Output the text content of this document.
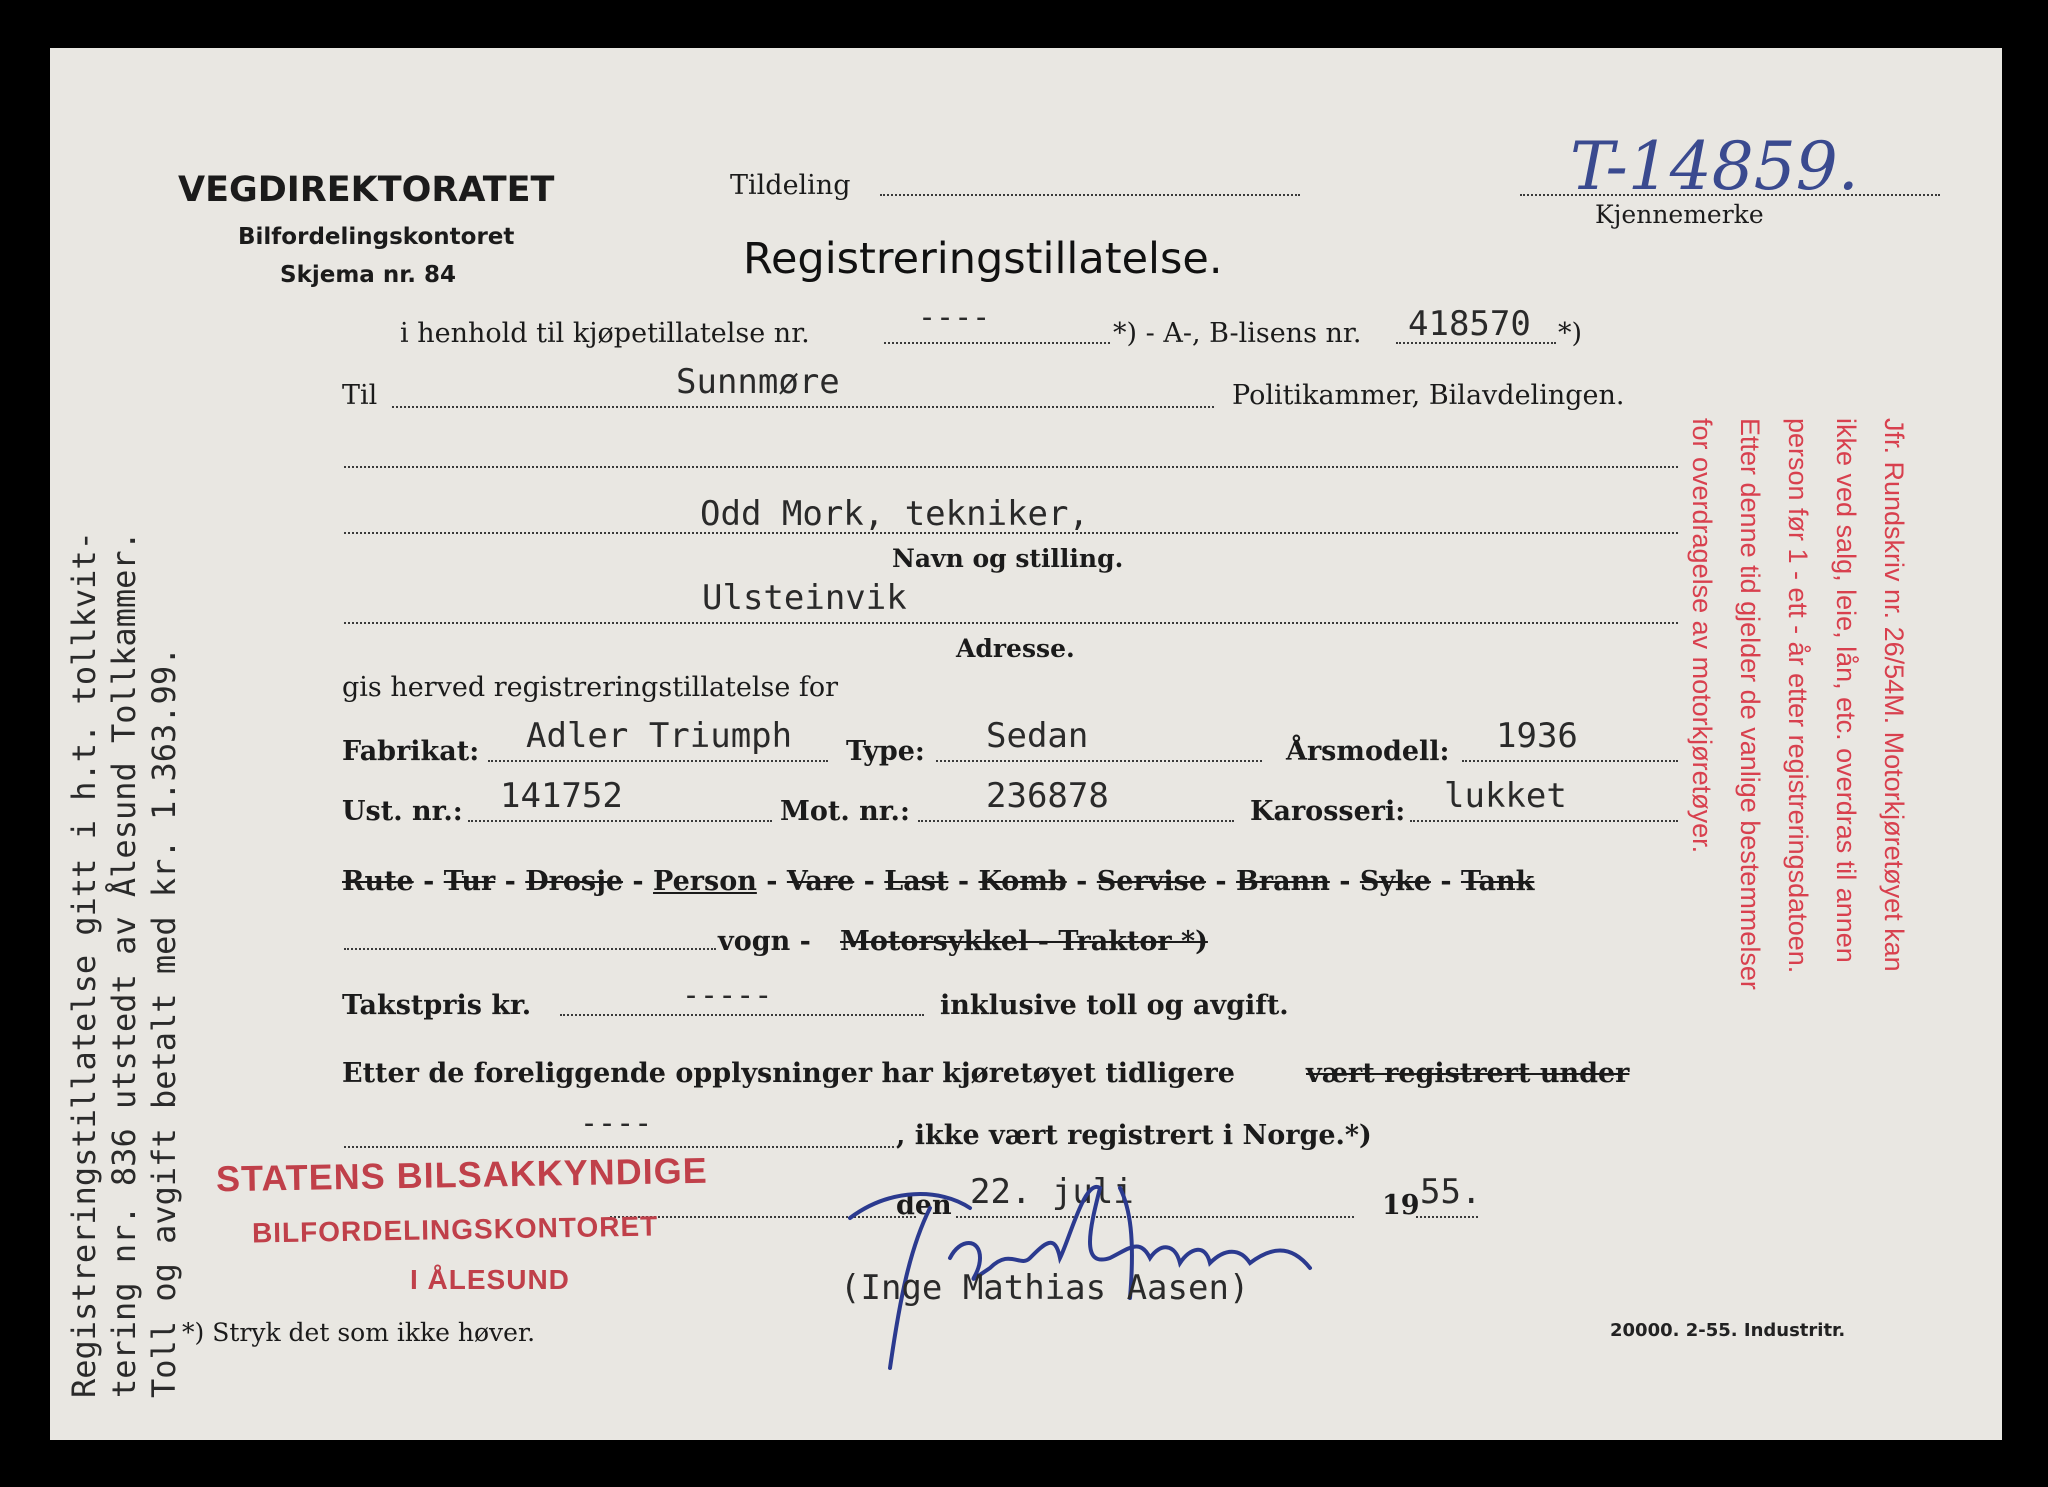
VEGDIREKTORATET
Bilfordelingskontoret
Skjema nr. 84
Tildeling	T-14859.
Kjennemerke
Registreringstillatelse.
i henhold til kjøpetillatelse nr.	----	*) - A-, B-lisens nr. 418570 *)
Til	Sunnmøre	Politikammer, Bilavdelingen.
Odd Mork, tekniker,
Navn og stilling.
Ulsteinvik
Adresse.
gis herved registreringstillatelse for
Fabrikat: Adler Triumph Type: Sedan	Årsmodell: 1936
Ust. nr.: 141752	Mot. nr.: 236878	Karosseri: lukket
Rute - Tur - Drosje - Person - Vare - Last - Komb - Servise - Brann - Syke - Tank
vogn - Motorsykkel - Traktor *)
Takstpris kr.	-----	inklusive toll og avgift.
Etter de foreliggende opplysninger har kjøretøyet tidligere	vært registrert under
----	, ikke vært registrert i Norge.*)
den 22. juli	19 55.
(Inge Mathias Aasen)
STATENS BILSAKKYNDIGE
BILFORDELINGSKONTORET
I ÅLESUND
*) Stryk det som ikke høver.	20000. 2-55. Industritr.
Registreringstillatelse gitt i h.t. tollkvit- tering nr. 836 utstedt av Ålesund Tollkammer. Toll og avgift betalt med kr. 1.363.99.	Jfr. Rundskriv nr. 26/54M. Motorkjøretøyet kan
ikke ved salg, leie, lån, etc. overdras til annen
person før 1 - ett - år etter registreringsdatoen.
Etter denne tid gjelder de vanlige bestemmelser
for overdragelse av motorkjøretøyer.
